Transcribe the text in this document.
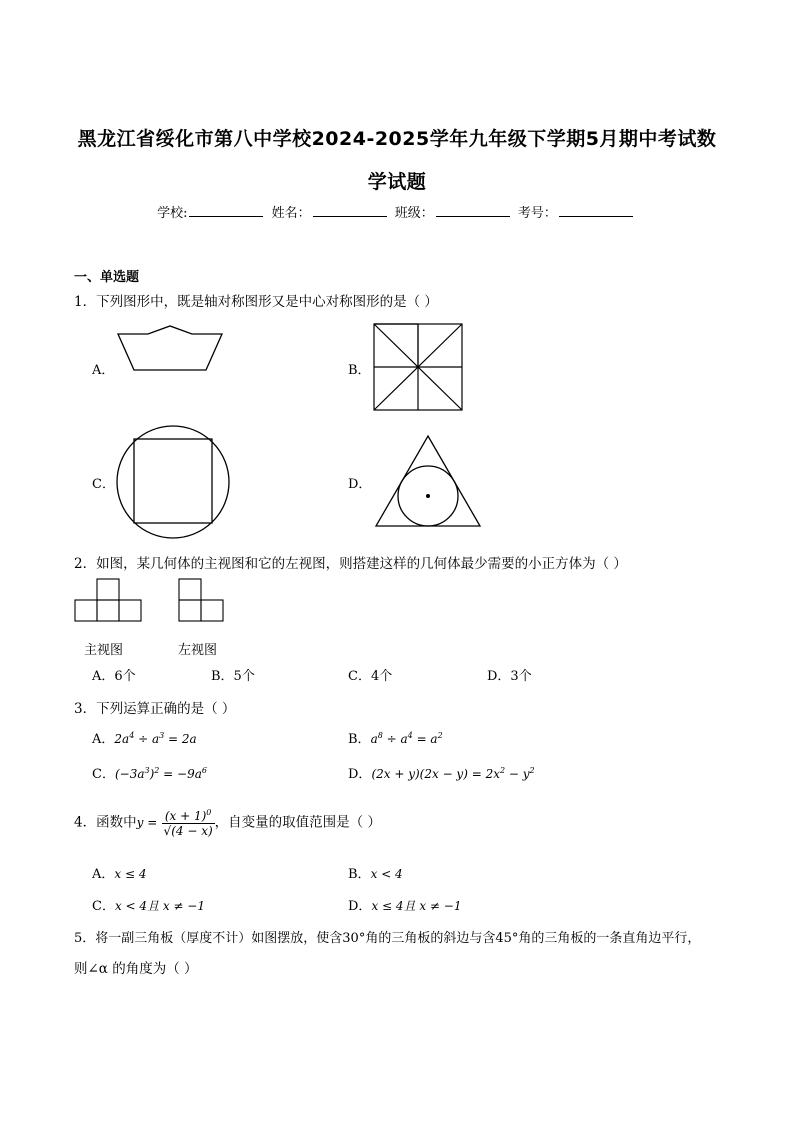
黑龙江省绥化市第八中学校2024-2025学年九年级下学期5月期中考试数
学试题
学校:	姓名：	班级：	考号：
一、单选题
1．下列图形中，既是轴对称图形又是中心对称图形的是（ ）
A．	B．
C．	D．
2．如图，某几何体的主视图和它的左视图，则搭建这样的几何体最少需要的小正方体为（ ）
主视图	左视图
A．6个	B．5个	C．4个	D．3个
3．下列运算正确的是（ ）
A．$2a^4 \div a^3 = 2a$	B．$a^8 \div a^4 = a^2$
C．$(-3a^3)^2 = -9a^6$	D．$(2x + y)(2x - y) = 2x^2 - y^2$
4．函数中$y = \frac{(x + 1)^0}{√(4 - x)}$ ，自变量的取值范围是（ ）
A．x ≤ 4	B．x < 4
C．x < 4且 x ≠ −1	D．x ≤ 4且 x ≠ −1
5．将一副三角板（厚度不计）如图摆放，使含30°角的三角板的斜边与含45°角的三角板的一条直角边平行，
则∠α 的角度为（ ）
